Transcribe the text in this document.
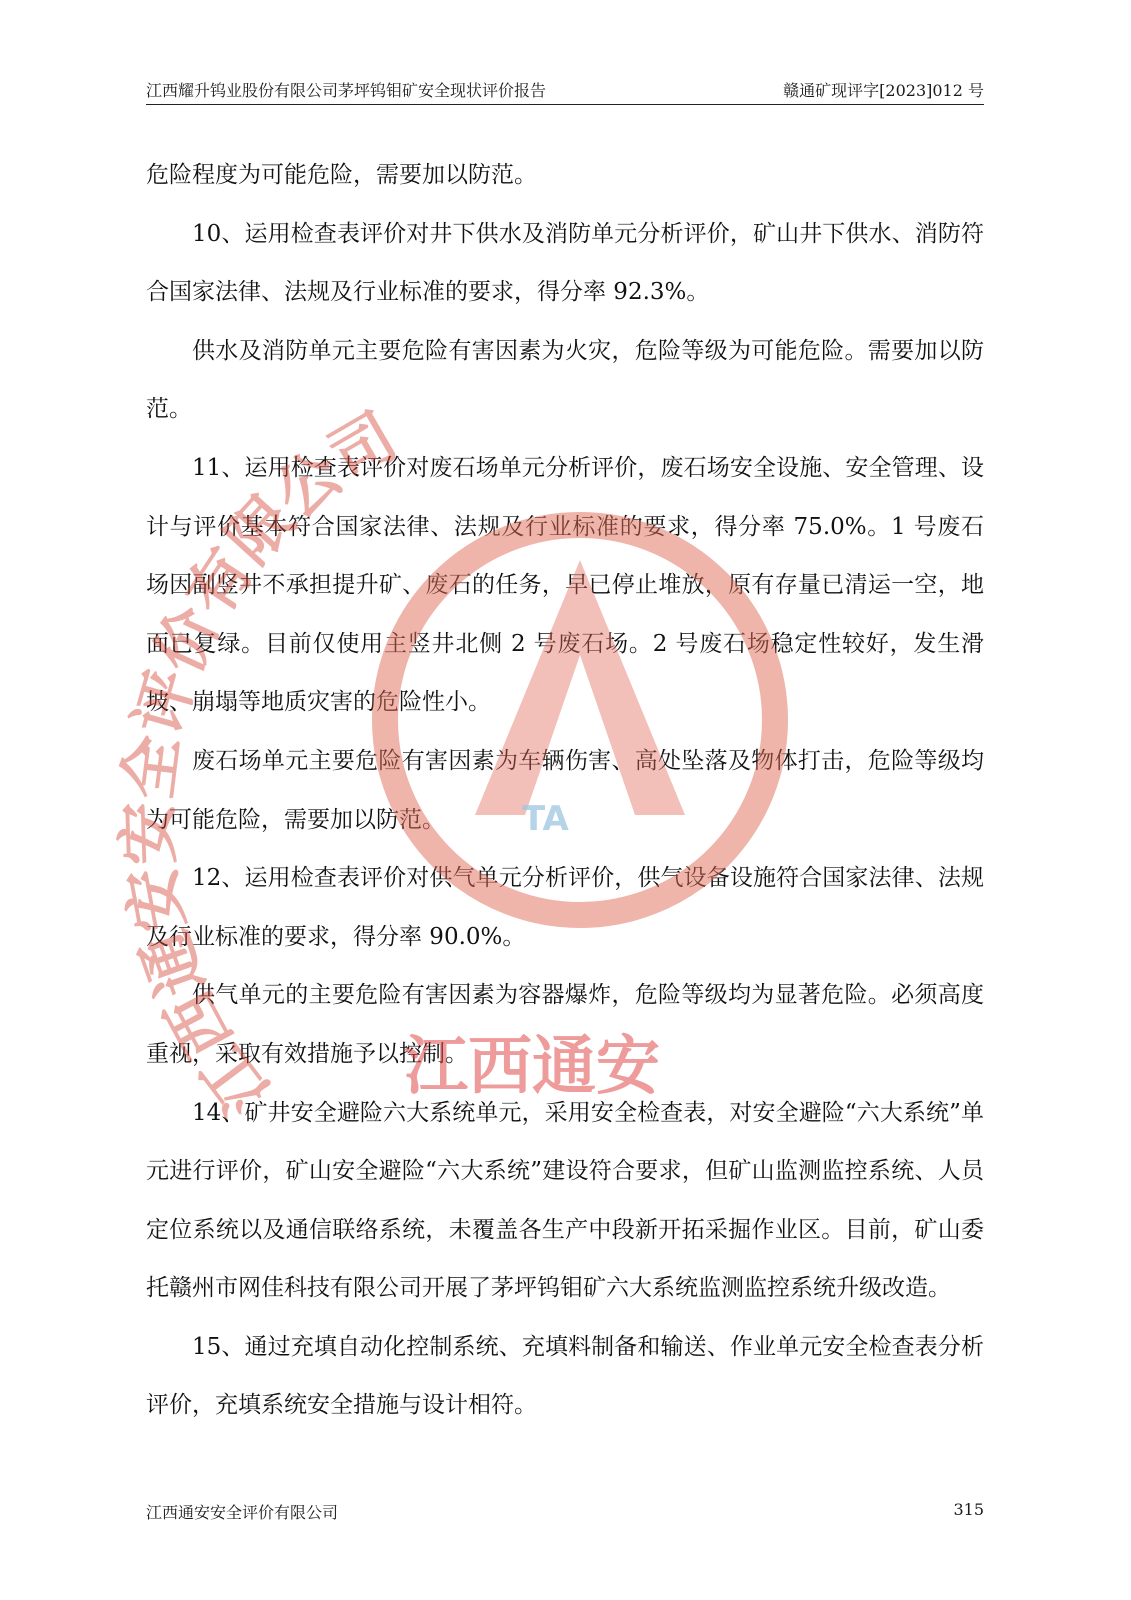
江西耀升钨业股份有限公司茅坪钨钼矿安全现状评价报告	赣通矿现评字[2023]012 号

危险程度为可能危险，需要加以防范。

10、运用检查表评价对井下供水及消防单元分析评价，矿山井下供水、消防符合国家法律、法规及行业标准的要求，得分率 92.3%。

供水及消防单元主要危险有害因素为火灾，危险等级为可能危险。需要加以防范。

11、运用检查表评价对废石场单元分析评价，废石场安全设施、安全管理、设计与评价基本符合国家法律、法规及行业标准的要求，得分率 75.0%。1 号废石场因副竖井不承担提升矿、废石的任务，早已停止堆放，原有存量已清运一空，地面已复绿。目前仅使用主竖井北侧 2 号废石场。2 号废石场稳定性较好，发生滑坡、崩塌等地质灾害的危险性小。

废石场单元主要危险有害因素为车辆伤害、高处坠落及物体打击，危险等级均为可能危险，需要加以防范。

12、运用检查表评价对供气单元分析评价，供气设备设施符合国家法律、法规及行业标准的要求，得分率 90.0%。

供气单元的主要危险有害因素为容器爆炸，危险等级均为显著危险。必须高度重视，采取有效措施予以控制。

14、矿井安全避险六大系统单元，采用安全检查表，对安全避险“六大系统”单元进行评价，矿山安全避险“六大系统”建设符合要求，但矿山监测监控系统、人员定位系统以及通信联络系统，未覆盖各生产中段新开拓采掘作业区。目前，矿山委托赣州市网佳科技有限公司开展了茅坪钨钼矿六大系统监测监控系统升级改造。

15、通过充填自动化控制系统、充填料制备和输送、作业单元安全检查表分析评价，充填系统安全措施与设计相符。

江西通安安全评价有限公司	315
TA
江西通安安全评价有限公司
江西通安
